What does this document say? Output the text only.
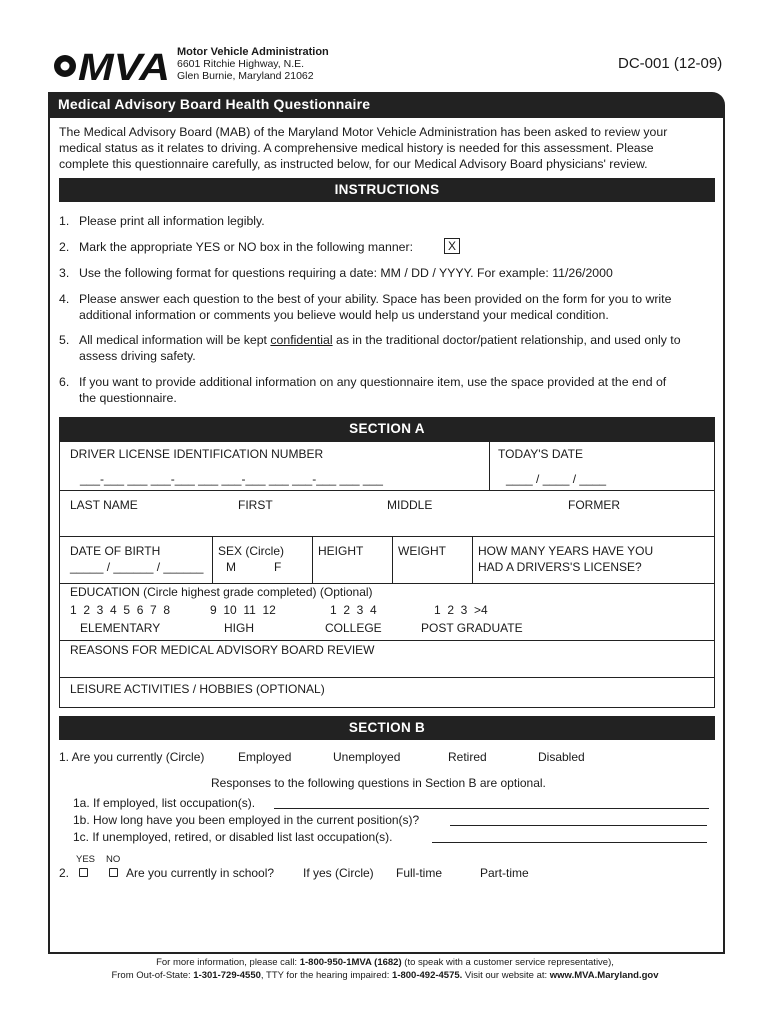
MVA Motor Vehicle Administration
6601 Ritchie Highway, N.E.
Glen Burnie, Maryland 21062
DC-001 (12-09)
Medical Advisory Board Health Questionnaire
The Medical Advisory Board (MAB) of the Maryland Motor Vehicle Administration has been asked to review your
medical status as it relates to driving. A comprehensive medical history is needed for this assessment. Please
complete this questionnaire carefully, as instructed below, for our Medical Advisory Board physicians' review.
INSTRUCTIONS
1. Please print all information legibly.
2. Mark the appropriate YES or NO box in the following manner:	X
3. Use the following format for questions requiring a date: MM / DD / YYYY. For example: 11/26/2000
4. Please answer each question to the best of your ability. Space has been provided on the form for you to write
additional information or comments you believe would help us understand your medical condition.
5. All medical information will be kept confidential as in the traditional doctor/patient relationship, and used only to
assess driving safety.
6. If you want to provide additional information on any questionnaire item, use the space provided at the end of
the questionnaire.
SECTION A
DRIVER LICENSE IDENTIFICATION NUMBER
___-___ ___ ___-___ ___ ___-___ ___ ___-___ ___ ___
TODAY'S DATE
____ / ____ / ____
LAST NAME	FIRST	MIDDLE	FORMER
DATE OF BIRTH
_____ / ______ / ______
SEX (Circle)
M	F
HEIGHT	WEIGHT	HOW MANY YEARS HAVE YOU
HAD A DRIVERS'S LICENSE?
EDUCATION (Circle highest grade completed) (Optional)
1  2  3  4  5  6  7  8	9  10  11  12	1  2  3  4	1  2  3  >4
ELEMENTARY	HIGH	COLLEGE	POST GRADUATE
REASONS FOR MEDICAL ADVISORY BOARD REVIEW
LEISURE ACTIVITIES / HOBBIES (OPTIONAL)
SECTION B
1. Are you currently (Circle)	Employed	Unemployed	Retired	Disabled
Responses to the following questions in Section B are optional.
1a. If employed, list occupation(s).
1b. How long have you been employed in the current position(s)?
1c. If unemployed, retired, or disabled list last occupation(s).
YES NO
2.	Are you currently in school? If yes (Circle) Full-time	Part-time
For more information, please call: 1-800-950-1MVA (1682) (to speak with a customer service representative),
From Out-of-State: 1-301-729-4550, TTY for the hearing impaired: 1-800-492-4575. Visit our website at: www.MVA.Maryland.gov
